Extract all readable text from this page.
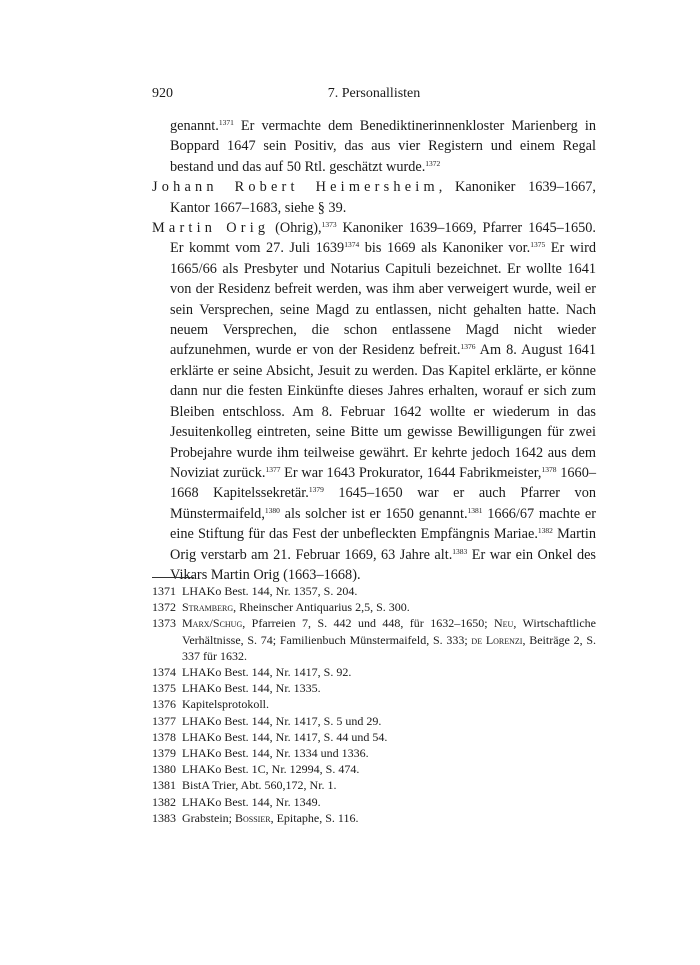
920	7. Personallisten

genannt.$^{1371}$ Er vermachte dem Benediktinerinnenkloster Marienberg in Boppard 1647 sein Positiv, das aus vier Registern und einem Regal bestand und das auf 50 Rtl. geschätzt wurde.$^{1372}$

Johann Robert Heimersheim, Kanoniker 1639–1667, Kantor 1667–1683, siehe § 39.

Martin Orig (Ohrig),$^{1373}$ Kanoniker 1639–1669, Pfarrer 1645–1650. Er kommt vom 27. Juli $1639^{1374}$ bis 1669 als Kanoniker vor.$^{1375}$ Er wird 1665/66 als Presbyter und Notarius Capituli bezeichnet. Er wollte 1641 von der Residenz befreit werden, was ihm aber verweigert wurde, weil er sein Versprechen, seine Magd zu entlassen, nicht gehalten hatte. Nach neuem Versprechen, die schon entlassene Magd nicht wieder aufzunehmen, wurde er von der Residenz befreit.$^{1376}$ Am 8. August 1641 erklärte er seine Absicht, Jesuit zu werden. Das Kapitel erklärte, er könne dann nur die festen Einkünfte dieses Jahres erhalten, worauf er sich zum Bleiben entschloss. Am 8. Februar 1642 wollte er wiederum in das Jesuitenkolleg eintreten, seine Bitte um gewisse Bewilligungen für zwei Probejahre wurde ihm teilweise gewährt. Er kehrte jedoch 1642 aus dem Noviziat zurück.$^{1377}$ Er war 1643 Prokurator, 1644 Fabrikmeister,$^{1378}$ 1660–1668 Kapitelssekretär.$^{1379}$ 1645–1650 war er auch Pfarrer von Münstermaifeld,$^{1380}$ als solcher ist er 1650 genannt.$^{1381}$ 1666/67 machte er eine Stiftung für das Fest der unbefleckten Empfängnis Mariae.$^{1382}$ Martin Orig verstarb am 21. Februar 1669, 63 Jahre alt.$^{1383}$ Er war ein Onkel des Vikars Martin Orig (1663–1668).

1371 LHAKo Best. 144, Nr. 1357, S. 204.
1372 Stramberg, Rheinscher Antiquarius 2,5, S. 300.
1373 Marx/Schug, Pfarreien 7, S. 442 und 448, für 1632–1650; Neu, Wirtschaftliche Verhältnisse, S. 74; Familienbuch Münstermaifeld, S. 333; de Lorenzi, Beiträge 2, S. 337 für 1632.
1374 LHAKo Best. 144, Nr. 1417, S. 92.
1375 LHAKo Best. 144, Nr. 1335.
1376 Kapitelsprotokoll.
1377 LHAKo Best. 144, Nr. 1417, S. 5 und 29.
1378 LHAKo Best. 144, Nr. 1417, S. 44 und 54.
1379 LHAKo Best. 144, Nr. 1334 und 1336.
1380 LHAKo Best. 1C, Nr. 12994, S. 474.
1381 BistA Trier, Abt. 560,172, Nr. 1.
1382 LHAKo Best. 144, Nr. 1349.
1383 Grabstein; Bossier, Epitaphe, S. 116.
